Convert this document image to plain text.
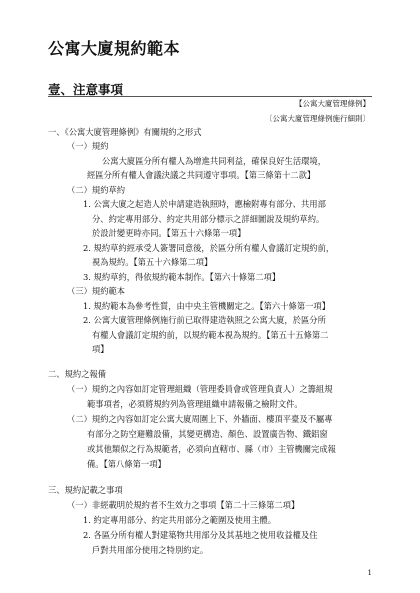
公寓大廈規約範本
壹、注意事項
【公寓大廈管理條例】
〔公寓大廈管理條例施行細則〕
一、《公寓大廈管理條例》有關規約之形式
（一）規約
公寓大廈區分所有權人為增進共同利益，確保良好生活環境，
經區分所有權人會議決議之共同遵守事項。【第三條第十二款】
（二）規約草約
1. 公寓大廈之起造人於申請建造執照時，應檢附專有部分、共用部
分、約定專用部分、約定共用部分標示之詳細圖說及規約草約。
於設計變更時亦同。【第五十六條第一項】
2. 規約草約經承受人簽署同意後，於區分所有權人會議訂定規約前，
視為規約。【第五十六條第二項】
3. 規約草約，得依規約範本制作。【第六十條第二項】
（三）規約範本
1. 規約範本為參考性質，由中央主管機關定之。【第六十條第一項】
2. 公寓大廈管理條例施行前已取得建造執照之公寓大廈，於區分所
有權人會議訂定規約前，以規約範本視為規約。【第五十五條第二
項】
二、規約之報備
（一）規約之內容如訂定管理組織（管理委員會或管理負責人）之籌組規
範事項者，必須將規約列為管理組織申請報備之檢附文件。
（二）規約之內容如訂定公寓大廈周圍上下、外牆面、樓頂平臺及不屬專
有部分之防空避難設備，其變更構造、顏色、設置廣告物、鐵鋁窗
或其他類似之行為規範者，必須向直轄市、縣（市）主管機關完成報
備。【第八條第一項】
三、規約記載之事項
（一）非經載明於規約者不生效力之事項【第二十三條第二項】
1. 約定專用部分、約定共用部分之範圍及使用主體。
2. 各區分所有權人對建築物共用部分及其基地之使用收益權及住
戶對共用部分使用之特別約定。
1
